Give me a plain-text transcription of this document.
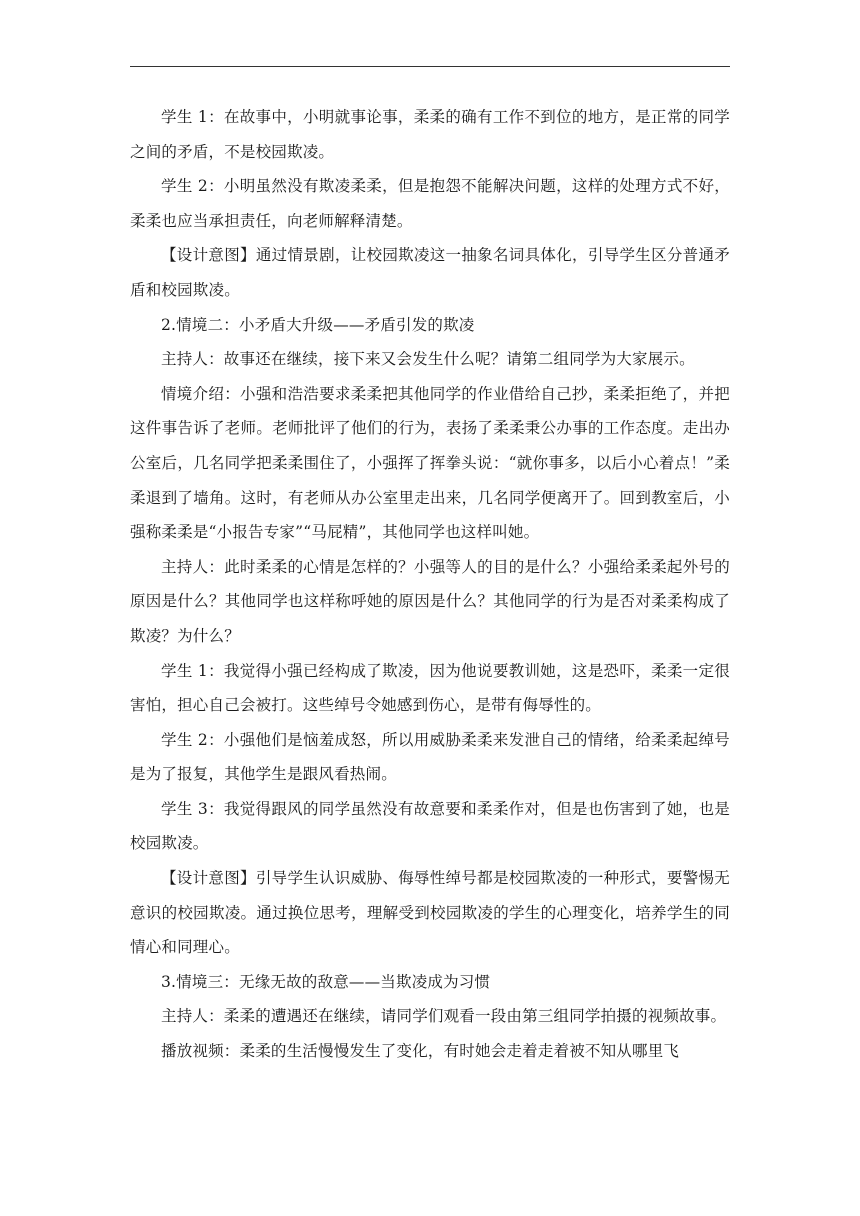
学生 1：在故事中，小明就事论事，柔柔的确有工作不到位的地方，是正常的同学之间的矛盾，不是校园欺凌。

学生 2：小明虽然没有欺凌柔柔，但是抱怨不能解决问题，这样的处理方式不好，柔柔也应当承担责任，向老师解释清楚。

【设计意图】通过情景剧，让校园欺凌这一抽象名词具体化，引导学生区分普通矛盾和校园欺凌。

2.情境二：小矛盾大升级——矛盾引发的欺凌

主持人：故事还在继续，接下来又会发生什么呢？请第二组同学为大家展示。

情境介绍：小强和浩浩要求柔柔把其他同学的作业借给自己抄，柔柔拒绝了，并把这件事告诉了老师。老师批评了他们的行为，表扬了柔柔秉公办事的工作态度。走出办公室后，几名同学把柔柔围住了，小强挥了挥拳头说：“就你事多，以后小心着点！”柔柔退到了墙角。这时，有老师从办公室里走出来，几名同学便离开了。回到教室后，小强称柔柔是“小报告专家”“马屁精”，其他同学也这样叫她。

主持人：此时柔柔的心情是怎样的？小强等人的目的是什么？小强给柔柔起外号的原因是什么？其他同学也这样称呼她的原因是什么？其他同学的行为是否对柔柔构成了欺凌？为什么？

学生 1：我觉得小强已经构成了欺凌，因为他说要教训她，这是恐吓，柔柔一定很害怕，担心自己会被打。这些绰号令她感到伤心，是带有侮辱性的。

学生 2：小强他们是恼羞成怒，所以用威胁柔柔来发泄自己的情绪，给柔柔起绰号是为了报复，其他学生是跟风看热闹。

学生 3：我觉得跟风的同学虽然没有故意要和柔柔作对，但是也伤害到了她，也是校园欺凌。

【设计意图】引导学生认识威胁、侮辱性绰号都是校园欺凌的一种形式，要警惕无意识的校园欺凌。通过换位思考，理解受到校园欺凌的学生的心理变化，培养学生的同情心和同理心。

3.情境三：无缘无故的敌意——当欺凌成为习惯

主持人：柔柔的遭遇还在继续，请同学们观看一段由第三组同学拍摄的视频故事。

播放视频：柔柔的生活慢慢发生了变化，有时她会走着走着被不知从哪里飞
